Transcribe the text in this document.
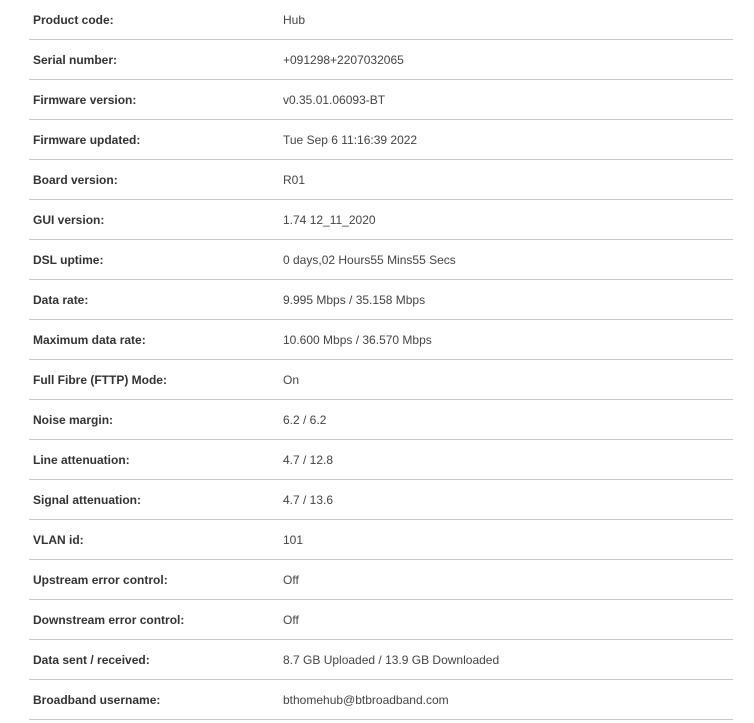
Product code:	Hub
Serial number:	+091298+2207032065
Firmware version:	v0.35.01.06093-BT
Firmware updated:	Tue Sep 6 11:16:39 2022
Board version:	R01
GUI version:	1.74 12_11_2020
DSL uptime:	0 days,02 Hours55 Mins55 Secs
Data rate:	9.995 Mbps / 35.158 Mbps
Maximum data rate:	10.600 Mbps / 36.570 Mbps
Full Fibre (FTTP) Mode:	On
Noise margin:	6.2 / 6.2
Line attenuation:	4.7 / 12.8
Signal attenuation:	4.7 / 13.6
VLAN id:	101
Upstream error control:	Off
Downstream error control:	Off
Data sent / received:	8.7 GB Uploaded / 13.9 GB Downloaded
Broadband username:	bthomehub@btbroadband.com
